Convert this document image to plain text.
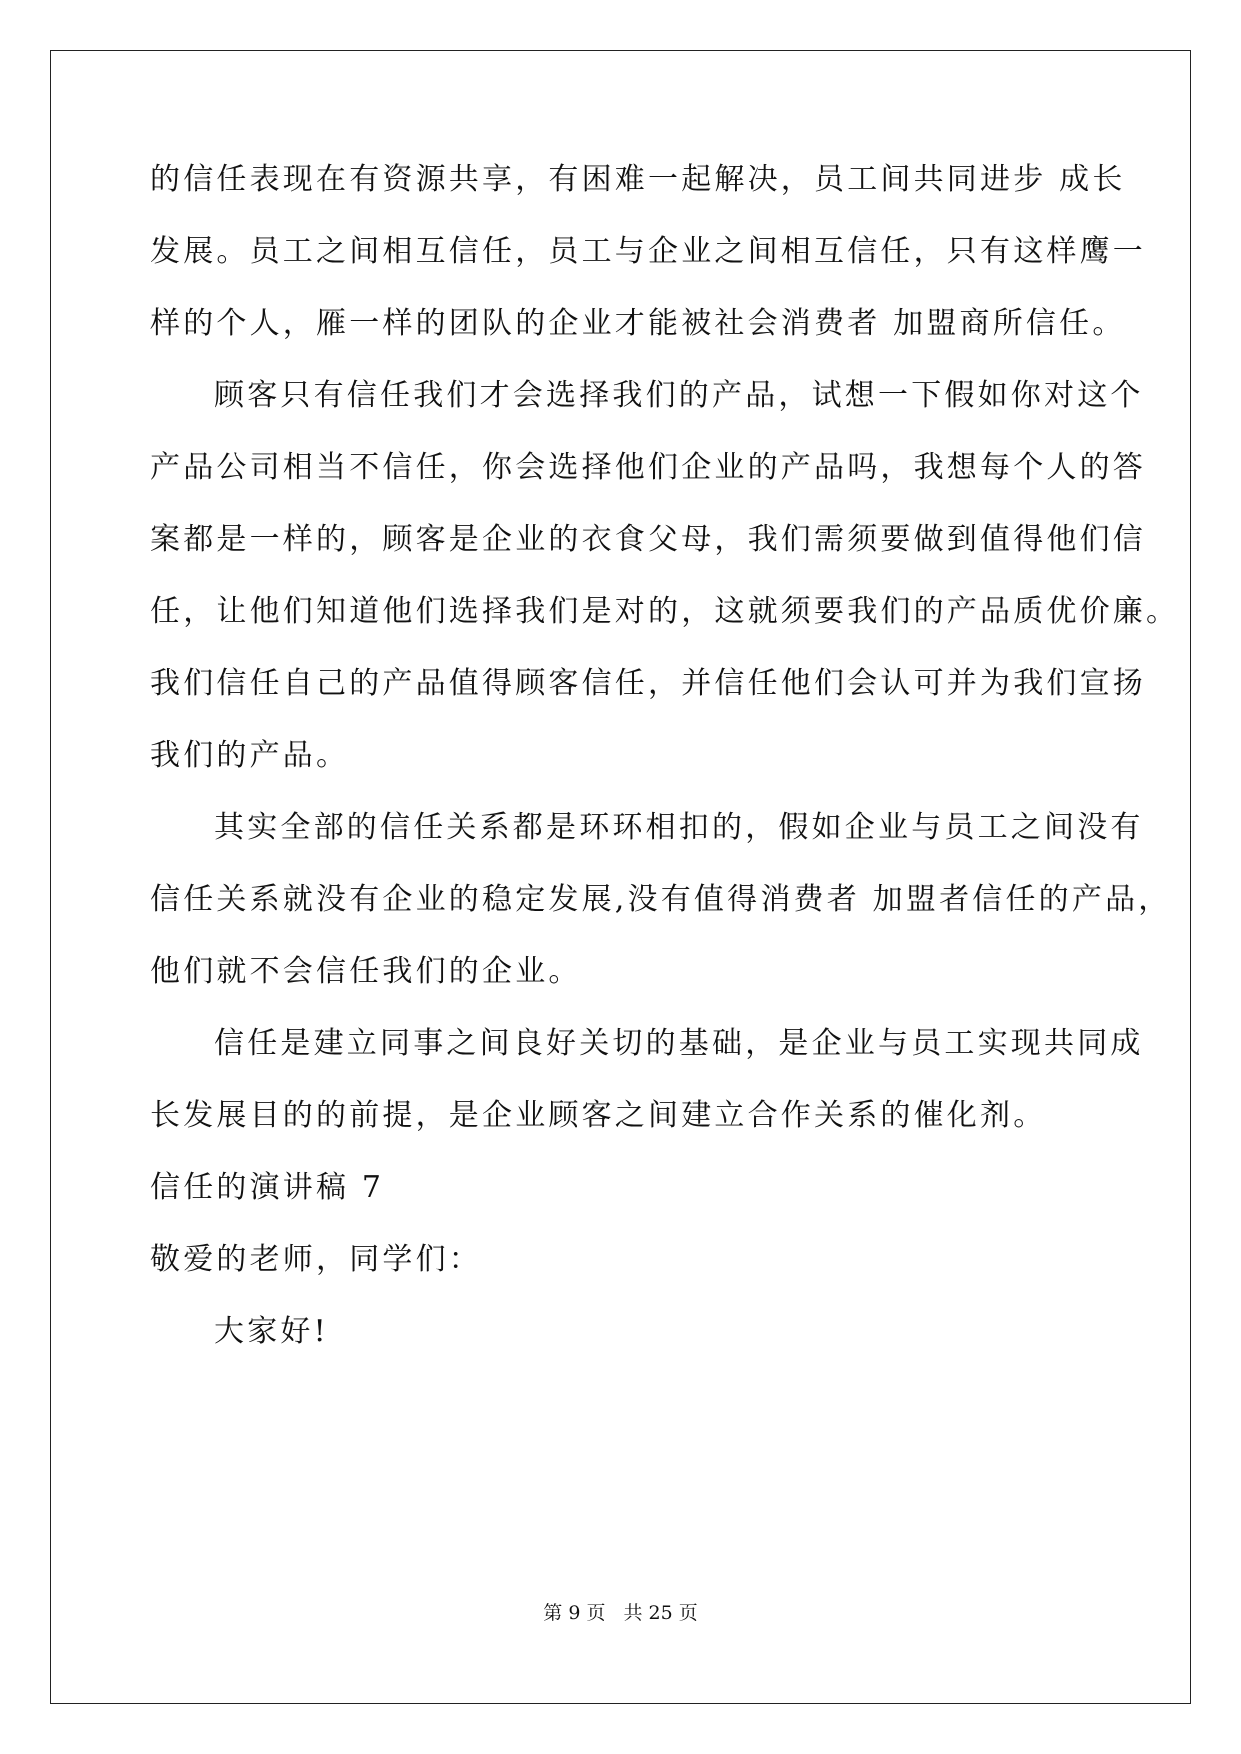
的信任表现在有资源共享，有困难一起解决，员工间共同进步 成长
发展。员工之间相互信任，员工与企业之间相互信任，只有这样鹰一
样的个人，雁一样的团队的企业才能被社会消费者 加盟商所信任。
顾客只有信任我们才会选择我们的产品，试想一下假如你对这个
产品公司相当不信任，你会选择他们企业的产品吗，我想每个人的答
案都是一样的，顾客是企业的衣食父母，我们需须要做到值得他们信
任，让他们知道他们选择我们是对的，这就须要我们的产品质优价廉。
我们信任自己的产品值得顾客信任，并信任他们会认可并为我们宣扬
我们的产品。
其实全部的信任关系都是环环相扣的，假如企业与员工之间没有
信任关系就没有企业的稳定发展,没有值得消费者 加盟者信任的产品，
他们就不会信任我们的企业。
信任是建立同事之间良好关切的基础，是企业与员工实现共同成
长发展目的的前提，是企业顾客之间建立合作关系的催化剂。
信任的演讲稿 7
敬爱的老师，同学们：
大家好!
第 9 页 共 25 页
